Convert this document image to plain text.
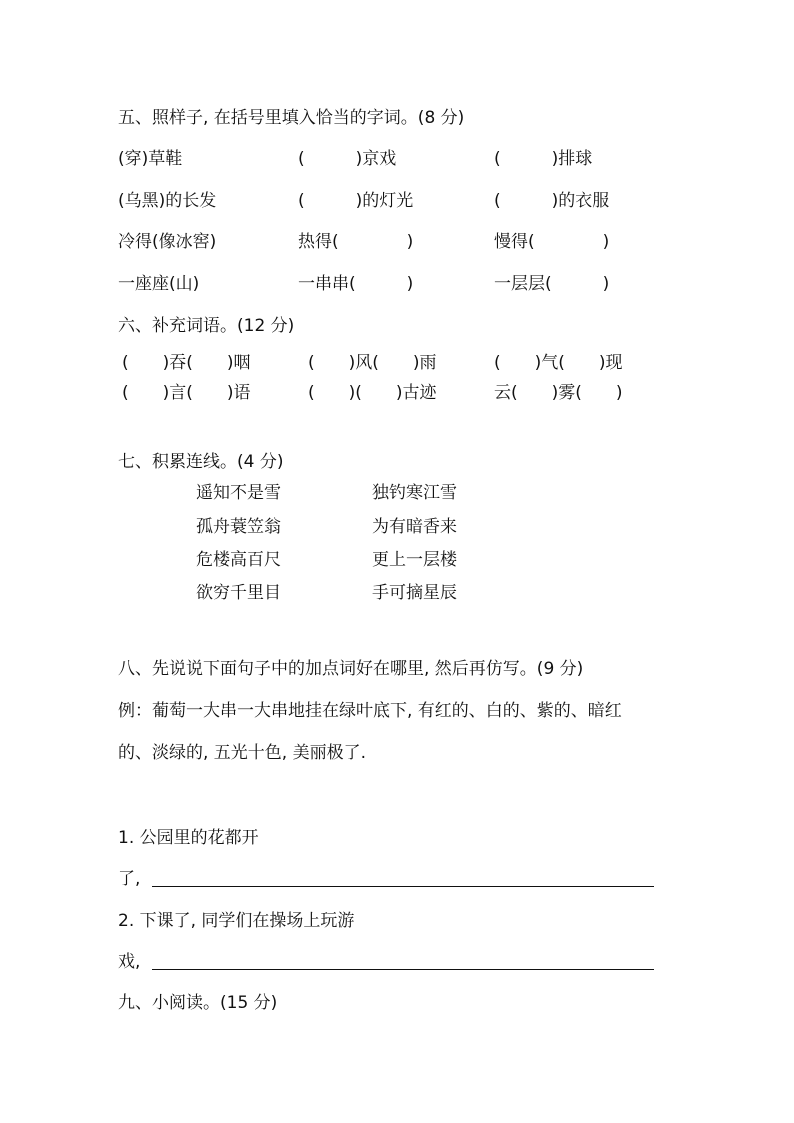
五、照样子, 在括号里填入恰当的字词。(8 分)
(穿)草鞋	(　　　)京戏	(　　　)排球
(乌黑)的长发	(　　　)的灯光	(　　　)的衣服
冷得(像冰窖)	热得(　　　　)	慢得(　　　　)
一座座(山)	一串串(　　　)	一层层(　　　)
六、补充词语。(12 分)
(　　)吞(　　)咽	(　　)风(　　)雨	(　　)气(　　)现
(　　)言(　　)语	(　　)(　　)古迹	云(　　)雾(　　)
七、积累连线。(4 分)
遥知不是雪	独钓寒江雪
孤舟蓑笠翁	为有暗香来
危楼高百尺	更上一层楼
欲穷千里目	手可摘星辰
八、先说说下面句子中的加点词好在哪里, 然后再仿写。(9 分)
例：葡萄一大串一大串地挂在绿叶底下, 有红的、白的、紫的、暗红
的、淡绿的, 五光十色, 美丽极了.
1. 公园里的花都开
了,
2. 下课了, 同学们在操场上玩游
戏,
九、小阅读。(15 分)
